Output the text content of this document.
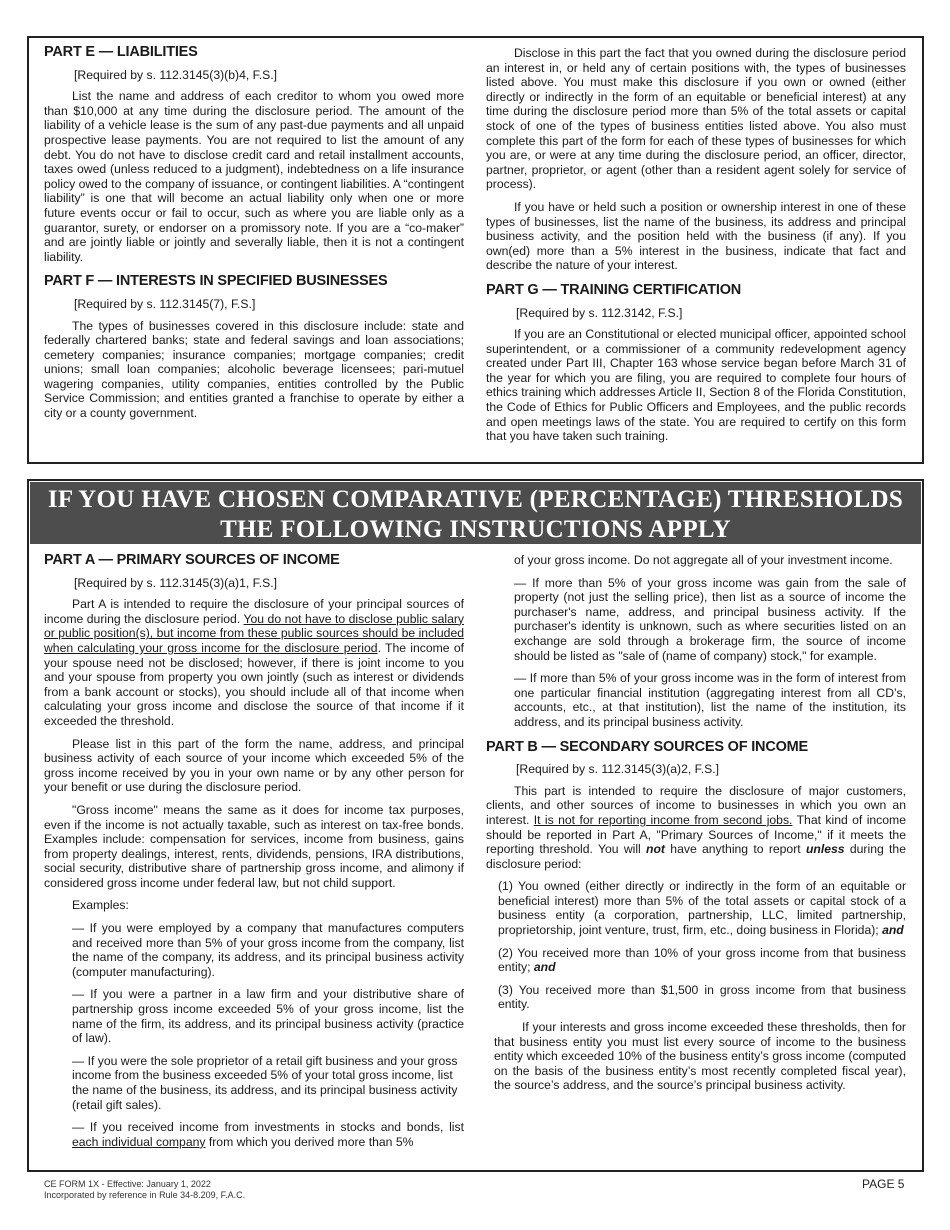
PART E — LIABILITIES

[Required by s. 112.3145(3)(b)4, F.S.]

List the name and address of each creditor to whom you owed more than $10,000 at any time during the disclosure period. The amount of the liability of a vehicle lease is the sum of any past-due payments and all unpaid prospective lease payments. You are not required to list the amount of any debt. You do not have to disclose credit card and retail installment accounts, taxes owed (unless reduced to a judgment), indebtedness on a life insurance policy owed to the company of issuance, or contingent liabilities. A “contingent liability” is one that will become an actual liability only when one or more future events occur or fail to occur, such as where you are liable only as a guarantor, surety, or endorser on a promissory note. If you are a “co-maker” and are jointly liable or jointly and severally liable, then it is not a contingent liability.

PART F — INTERESTS IN SPECIFIED BUSINESSES

[Required by s. 112.3145(7), F.S.]

The types of businesses covered in this disclosure include: state and federally chartered banks; state and federal savings and loan associations; cemetery companies; insurance companies; mortgage companies; credit unions; small loan companies; alcoholic beverage licensees; pari-mutuel wagering companies, utility companies, entities controlled by the Public Service Commission; and entities granted a franchise to operate by either a city or a county government.

Disclose in this part the fact that you owned during the disclosure period an interest in, or held any of certain positions with, the types of businesses listed above. You must make this disclosure if you own or owned (either directly or indirectly in the form of an equitable or beneficial interest) at any time during the disclosure period more than 5% of the total assets or capital stock of one of the types of business entities listed above. You also must complete this part of the form for each of these types of businesses for which you are, or were at any time during the disclosure period, an officer, director, partner, proprietor, or agent (other than a resident agent solely for service of process).

If you have or held such a position or ownership interest in one of these types of businesses, list the name of the business, its address and principal business activity, and the position held with the business (if any). If you own(ed) more than a 5% interest in the business, indicate that fact and describe the nature of your interest.

PART G — TRAINING CERTIFICATION

[Required by s. 112.3142, F.S.]

If you are an Constitutional or elected municipal officer, appointed school superintendent, or a commissioner of a community redevelopment agency created under Part III, Chapter 163 whose service began before March 31 of the year for which you are filing, you are required to complete four hours of ethics training which addresses Article II, Section 8 of the Florida Constitution, the Code of Ethics for Public Officers and Employees, and the public records and open meetings laws of the state. You are required to certify on this form that you have taken such training.

IF YOU HAVE CHOSEN COMPARATIVE (PERCENTAGE) THRESHOLDS
THE FOLLOWING INSTRUCTIONS APPLY

PART A — PRIMARY SOURCES OF INCOME

[Required by s. 112.3145(3)(a)1, F.S.]

Part A is intended to require the disclosure of your principal sources of income during the disclosure period. You do not have to disclose public salary or public position(s), but income from these public sources should be included when calculating your gross income for the disclosure period. The income of your spouse need not be disclosed; however, if there is joint income to you and your spouse from property you own jointly (such as interest or dividends from a bank account or stocks), you should include all of that income when calculating your gross income and disclose the source of that income if it exceeded the threshold.

Please list in this part of the form the name, address, and principal business activity of each source of your income which exceeded 5% of the gross income received by you in your own name or by any other person for your benefit or use during the disclosure period.

"Gross income" means the same as it does for income tax purposes, even if the income is not actually taxable, such as interest on tax-free bonds. Examples include: compensation for services, income from business, gains from property dealings, interest, rents, dividends, pensions, IRA distributions, social security, distributive share of partnership gross income, and alimony if considered gross income under federal law, but not child support.

Examples:

— If you were employed by a company that manufactures computers and received more than 5% of your gross income from the company, list the name of the company, its address, and its principal business activity (computer manufacturing).

— If you were a partner in a law firm and your distributive share of partnership gross income exceeded 5% of your gross income, list the name of the firm, its address, and its principal business activity (practice of law).

— If you were the sole proprietor of a retail gift business and your gross income from the business exceeded 5% of your total gross income, list the name of the business, its address, and its principal business activity (retail gift sales).

— If you received income from investments in stocks and bonds, list each individual company from which you derived more than 5%

of your gross income. Do not aggregate all of your investment income.

— If more than 5% of your gross income was gain from the sale of property (not just the selling price), then list as a source of income the purchaser's name, address, and principal business activity. If the purchaser's identity is unknown, such as where securities listed on an exchange are sold through a brokerage firm, the source of income should be listed as "sale of (name of company) stock," for example.

— If more than 5% of your gross income was in the form of interest from one particular financial institution (aggregating interest from all CD’s, accounts, etc., at that institution), list the name of the institution, its address, and its principal business activity.

PART B — SECONDARY SOURCES OF INCOME

[Required by s. 112.3145(3)(a)2, F.S.]

This part is intended to require the disclosure of major customers, clients, and other sources of income to businesses in which you own an interest. It is not for reporting income from second jobs. That kind of income should be reported in Part A, "Primary Sources of Income," if it meets the reporting threshold. You will not have anything to report unless during the disclosure period:

(1) You owned (either directly or indirectly in the form of an equitable or beneficial interest) more than 5% of the total assets or capital stock of a business entity (a corporation, partnership, LLC, limited partnership, proprietorship, joint venture, trust, firm, etc., doing business in Florida); and

(2) You received more than 10% of your gross income from that business entity; and

(3) You received more than $1,500 in gross income from that business entity.

If your interests and gross income exceeded these thresholds, then for that business entity you must list every source of income to the business entity which exceeded 10% of the business entity’s gross income (computed on the basis of the business entity’s most recently completed fiscal year), the source’s address, and the source’s principal business activity.

CE FORM 1X - Effective: January 1, 2022
Incorporated by reference in Rule 34-8.209, F.A.C.
PAGE 5
